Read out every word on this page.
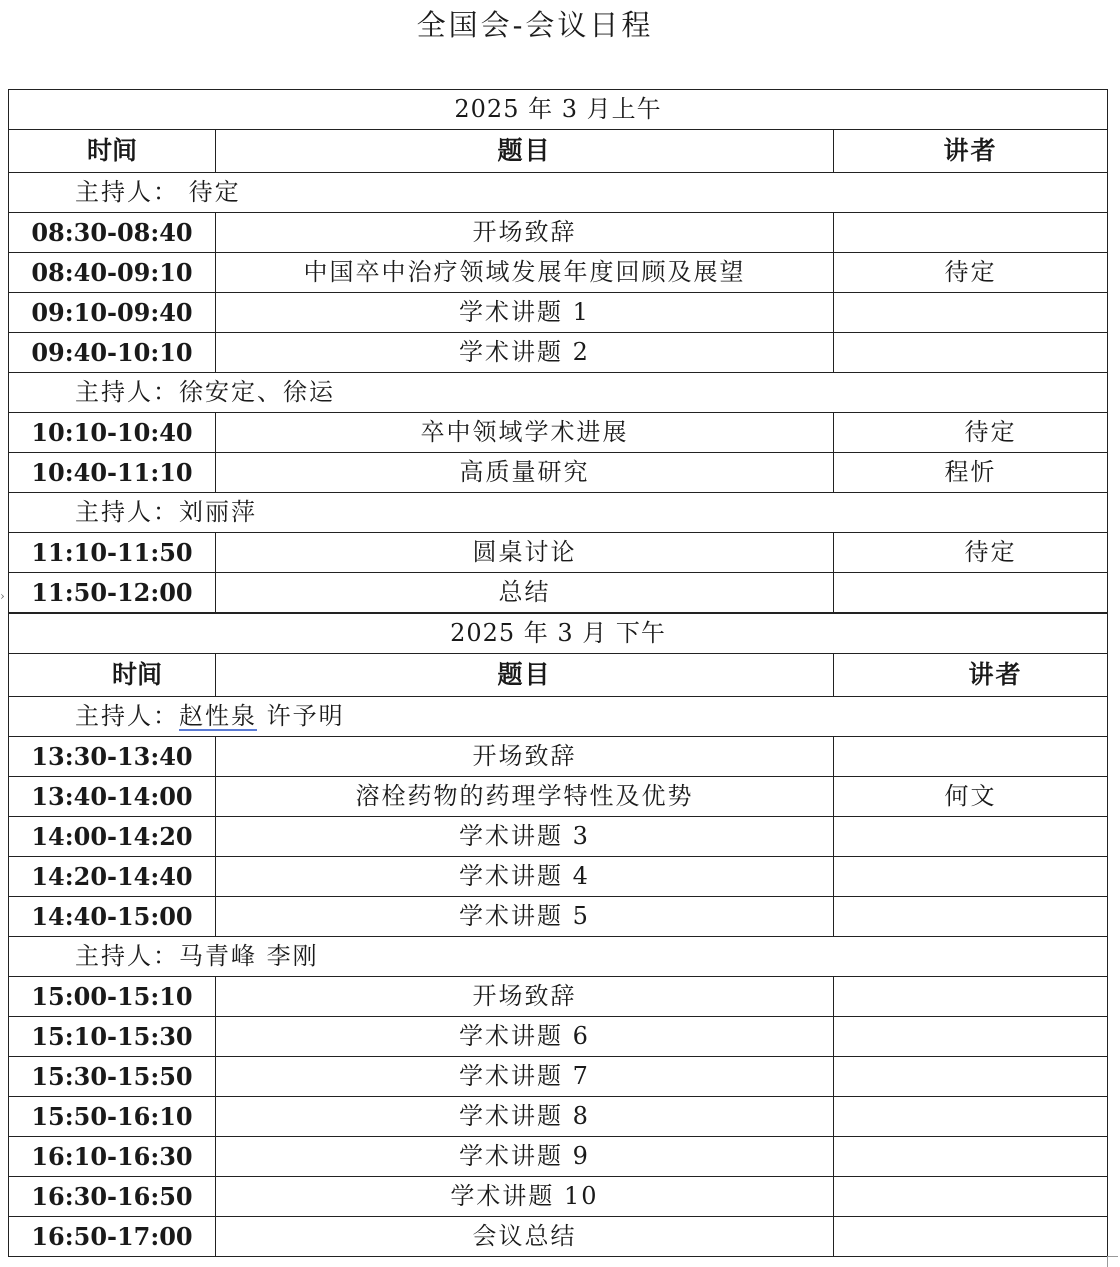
全国会-会议日程
2025 年 3 月上午		
时间	题目	讲者
主持人： 待定		
08:30-08:40	开场致辞	
08:40-09:10	中国卒中治疗领域发展年度回顾及展望	待定
09:10-09:40	学术讲题 1	
09:40-10:10	学术讲题 2	
主持人：徐安定、徐运		
10:10-10:40	卒中领域学术进展	待定
10:40-11:10	高质量研究	程忻
主持人：刘丽萍		
11:10-11:50	圆桌讨论	待定
11:50-12:00	总结	
2025 年 3 月 下午		
时间	题目	讲者
主持人：赵性泉 许予明		
13:30-13:40	开场致辞	
13:40-14:00	溶栓药物的药理学特性及优势	何文
14:00-14:20	学术讲题 3	
14:20-14:40	学术讲题 4	
14:40-15:00	学术讲题 5	
主持人：马青峰 李刚		
15:00-15:10	开场致辞	
15:10-15:30	学术讲题 6	
15:30-15:50	学术讲题 7	
15:50-16:10	学术讲题 8	
16:10-16:30	学术讲题 9	
16:30-16:50	学术讲题 10	
16:50-17:00	会议总结	
›
